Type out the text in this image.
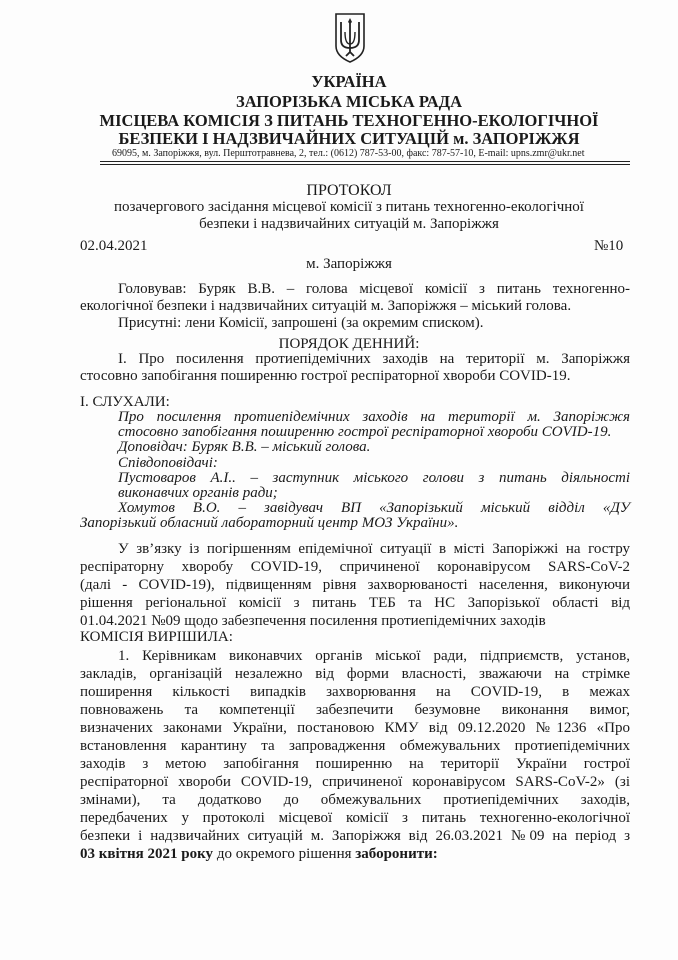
УКРАЇНА
ЗАПОРІЗЬКА МІСЬКА РАДА
МІСЦЕВА КОМІСІЯ З ПИТАНЬ ТЕХНОГЕННО-ЕКОЛОГІЧНОЇ
БЕЗПЕКИ І НАДЗВИЧАЙНИХ СИТУАЦІЙ м. ЗАПОРІЖЖЯ
69095, м. Запоріжжя, вул. Перштотравнева, 2, тел.: (0612) 787-53-00, факс: 787-57-10, E-mail: upns.zmr@ukr.net
ПРОТОКОЛ
позачергового засідання місцевої комісії з питань техногенно-екологічної
безпеки і надзвичайних ситуацій м. Запоріжжя
02.04.2021	№10
м. Запоріжжя
Головував: Буряк В.В. – голова місцевої комісії з питань техногенно-
екологічної безпеки і надзвичайних ситуацій м. Запоріжжя – міський голова.
Присутні: лени Комісії, запрошені (за окремим списком).
ПОРЯДОК ДЕННИЙ:
І. Про посилення протиепідемічних заходів на території м. Запоріжжя
стосовно запобігання поширенню гострої респіраторної хвороби COVID-19.
І. СЛУХАЛИ:
Про посилення протиепідемічних заходів на території м. Запоріжжя
стосовно запобігання поширенню гострої респіраторної хвороби COVID-19.
Доповідач: Буряк В.В. – міський голова.
Співдоповідачі:
Пустоваров А.І.. – заступник міського голови з питань діяльності
виконавчих органів ради;
Хомутов В.О. – завідувач ВП «Запорізький міський відділ «ДУ
Запорізький обласний лабораторний центр МОЗ України».
У зв’язку із погіршенням епідемічної ситуації в місті Запоріжжі на гостру
респіраторну хворобу COVID-19, спричиненої коронавірусом SARS-CoV-2
(далі - COVID-19), підвищенням рівня захворюваності населення, виконуючи
рішення регіональної комісії з питань ТЕБ та НС Запорізької області від
01.04.2021 №09 щодо забезпечення посилення протиепідемічних заходів
КОМІСІЯ ВИРІШИЛА:
1. Керівникам виконавчих органів міської ради, підприємств, установ,
закладів, організацій незалежно від форми власності, зважаючи на стрімке
поширення кількості випадків захворювання на COVID-19, в межах
повноважень та компетенції забезпечити безумовне виконання вимог,
визначених законами України, постановою КМУ від 09.12.2020 №1236 «Про
встановлення карантину та запровадження обмежувальних протиепідемічних
заходів з метою запобігання поширенню на території України гострої
респіраторної хвороби COVID-19, спричиненої коронавірусом SARS-CoV-2» (зі
змінами), та додатково до обмежувальних протиепідемічних заходів,
передбачених у протоколі місцевої комісії з питань техногенно-екологічної
безпеки і надзвичайних ситуацій м. Запоріжжя від 26.03.2021 №09 на період з
03 квітня 2021 року до окремого рішення заборонити:
